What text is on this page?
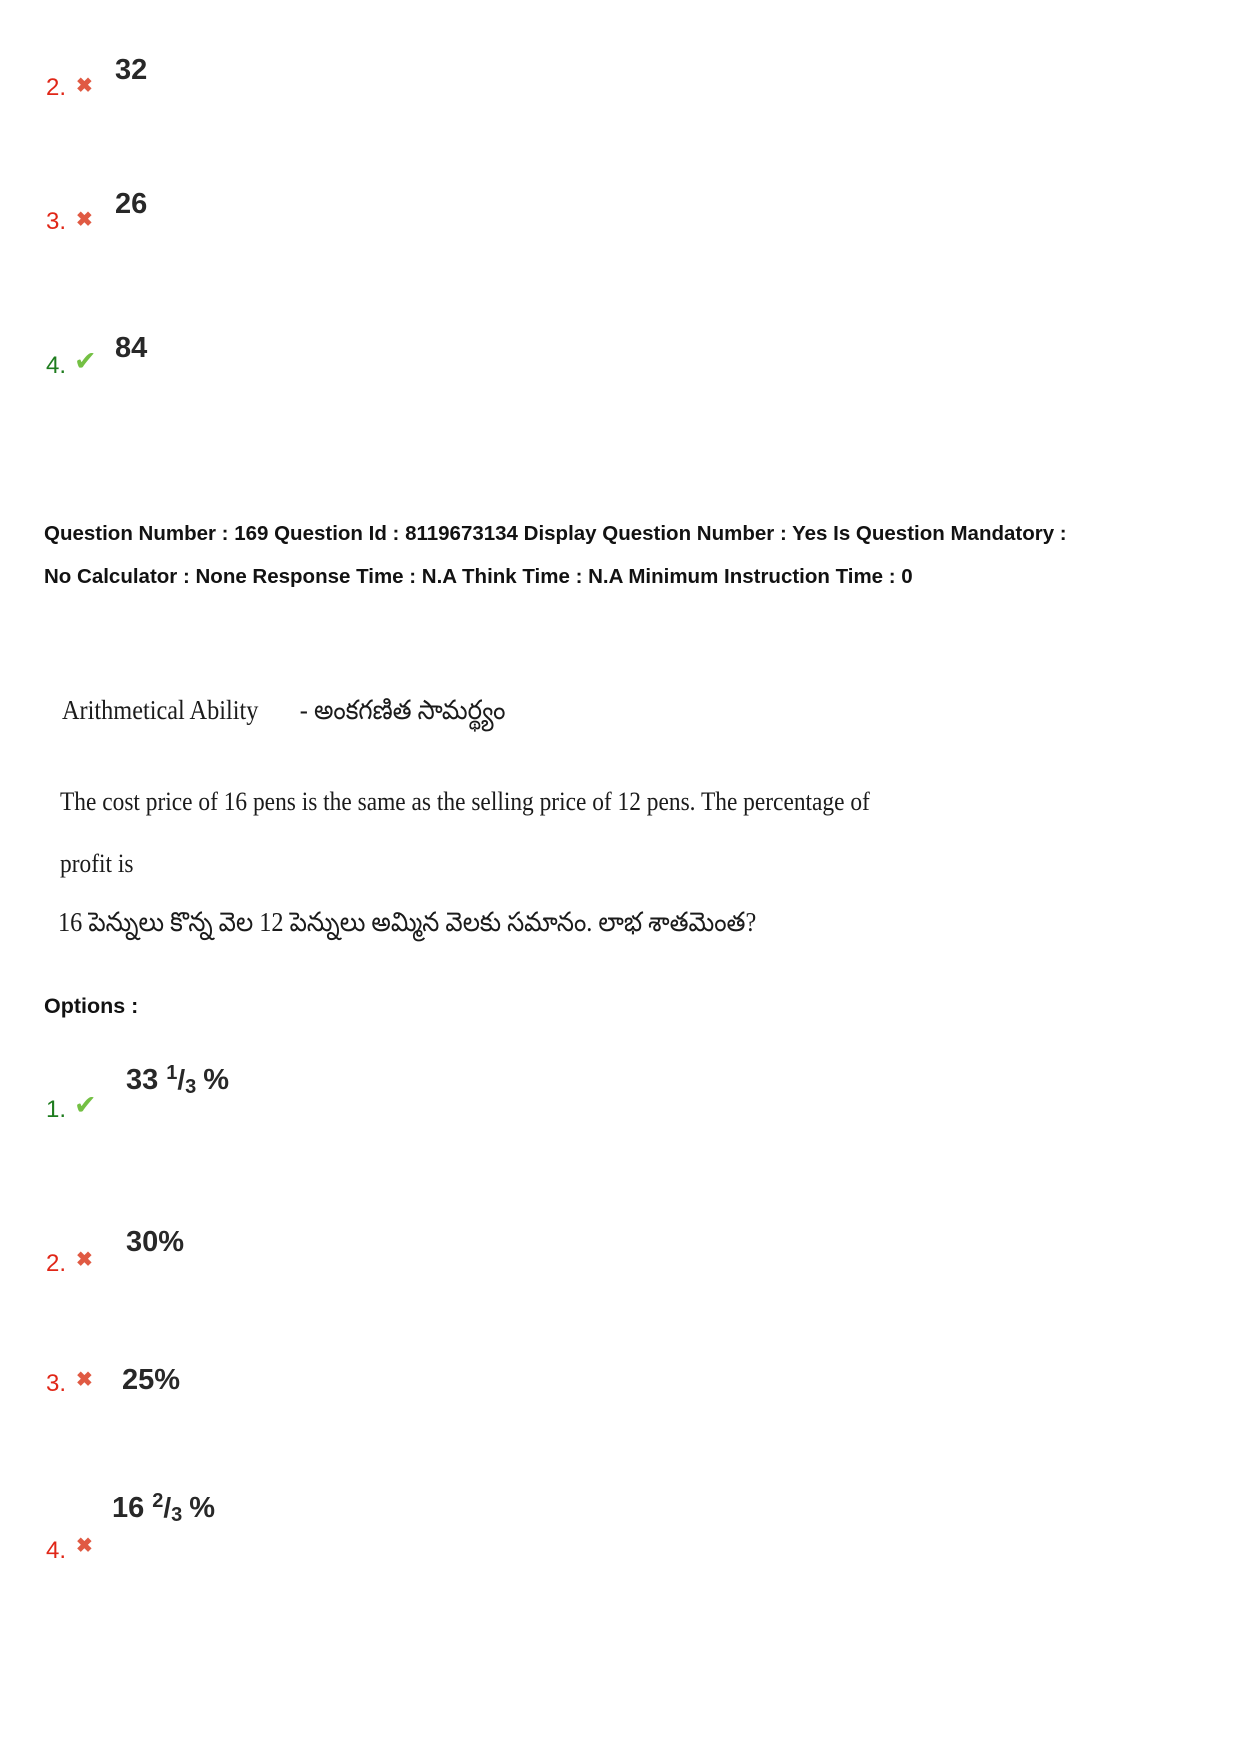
2. ✖ 32
3. ✖ 26
4. ✔ 84
Question Number : 169 Question Id : 8119673134 Display Question Number : Yes Is Question Mandatory : No Calculator : None Response Time : N.A Think Time : N.A Minimum Instruction Time : 0
Arithmetical Ability - అంకగణిత సామర్థ్యం
The cost price of 16 pens is the same as the selling price of 12 pens. The percentage of
profit is
16 పెన్నులు కొన్న వెల 12 పెన్నులు అమ్మిన వెలకు సమానం. లాభ శాతమెంత?
Options :
33 $^1$/3 %
1. ✔
30%
2. ✖
25%
3. ✖
16 $^2$/3 %
4. ✖
